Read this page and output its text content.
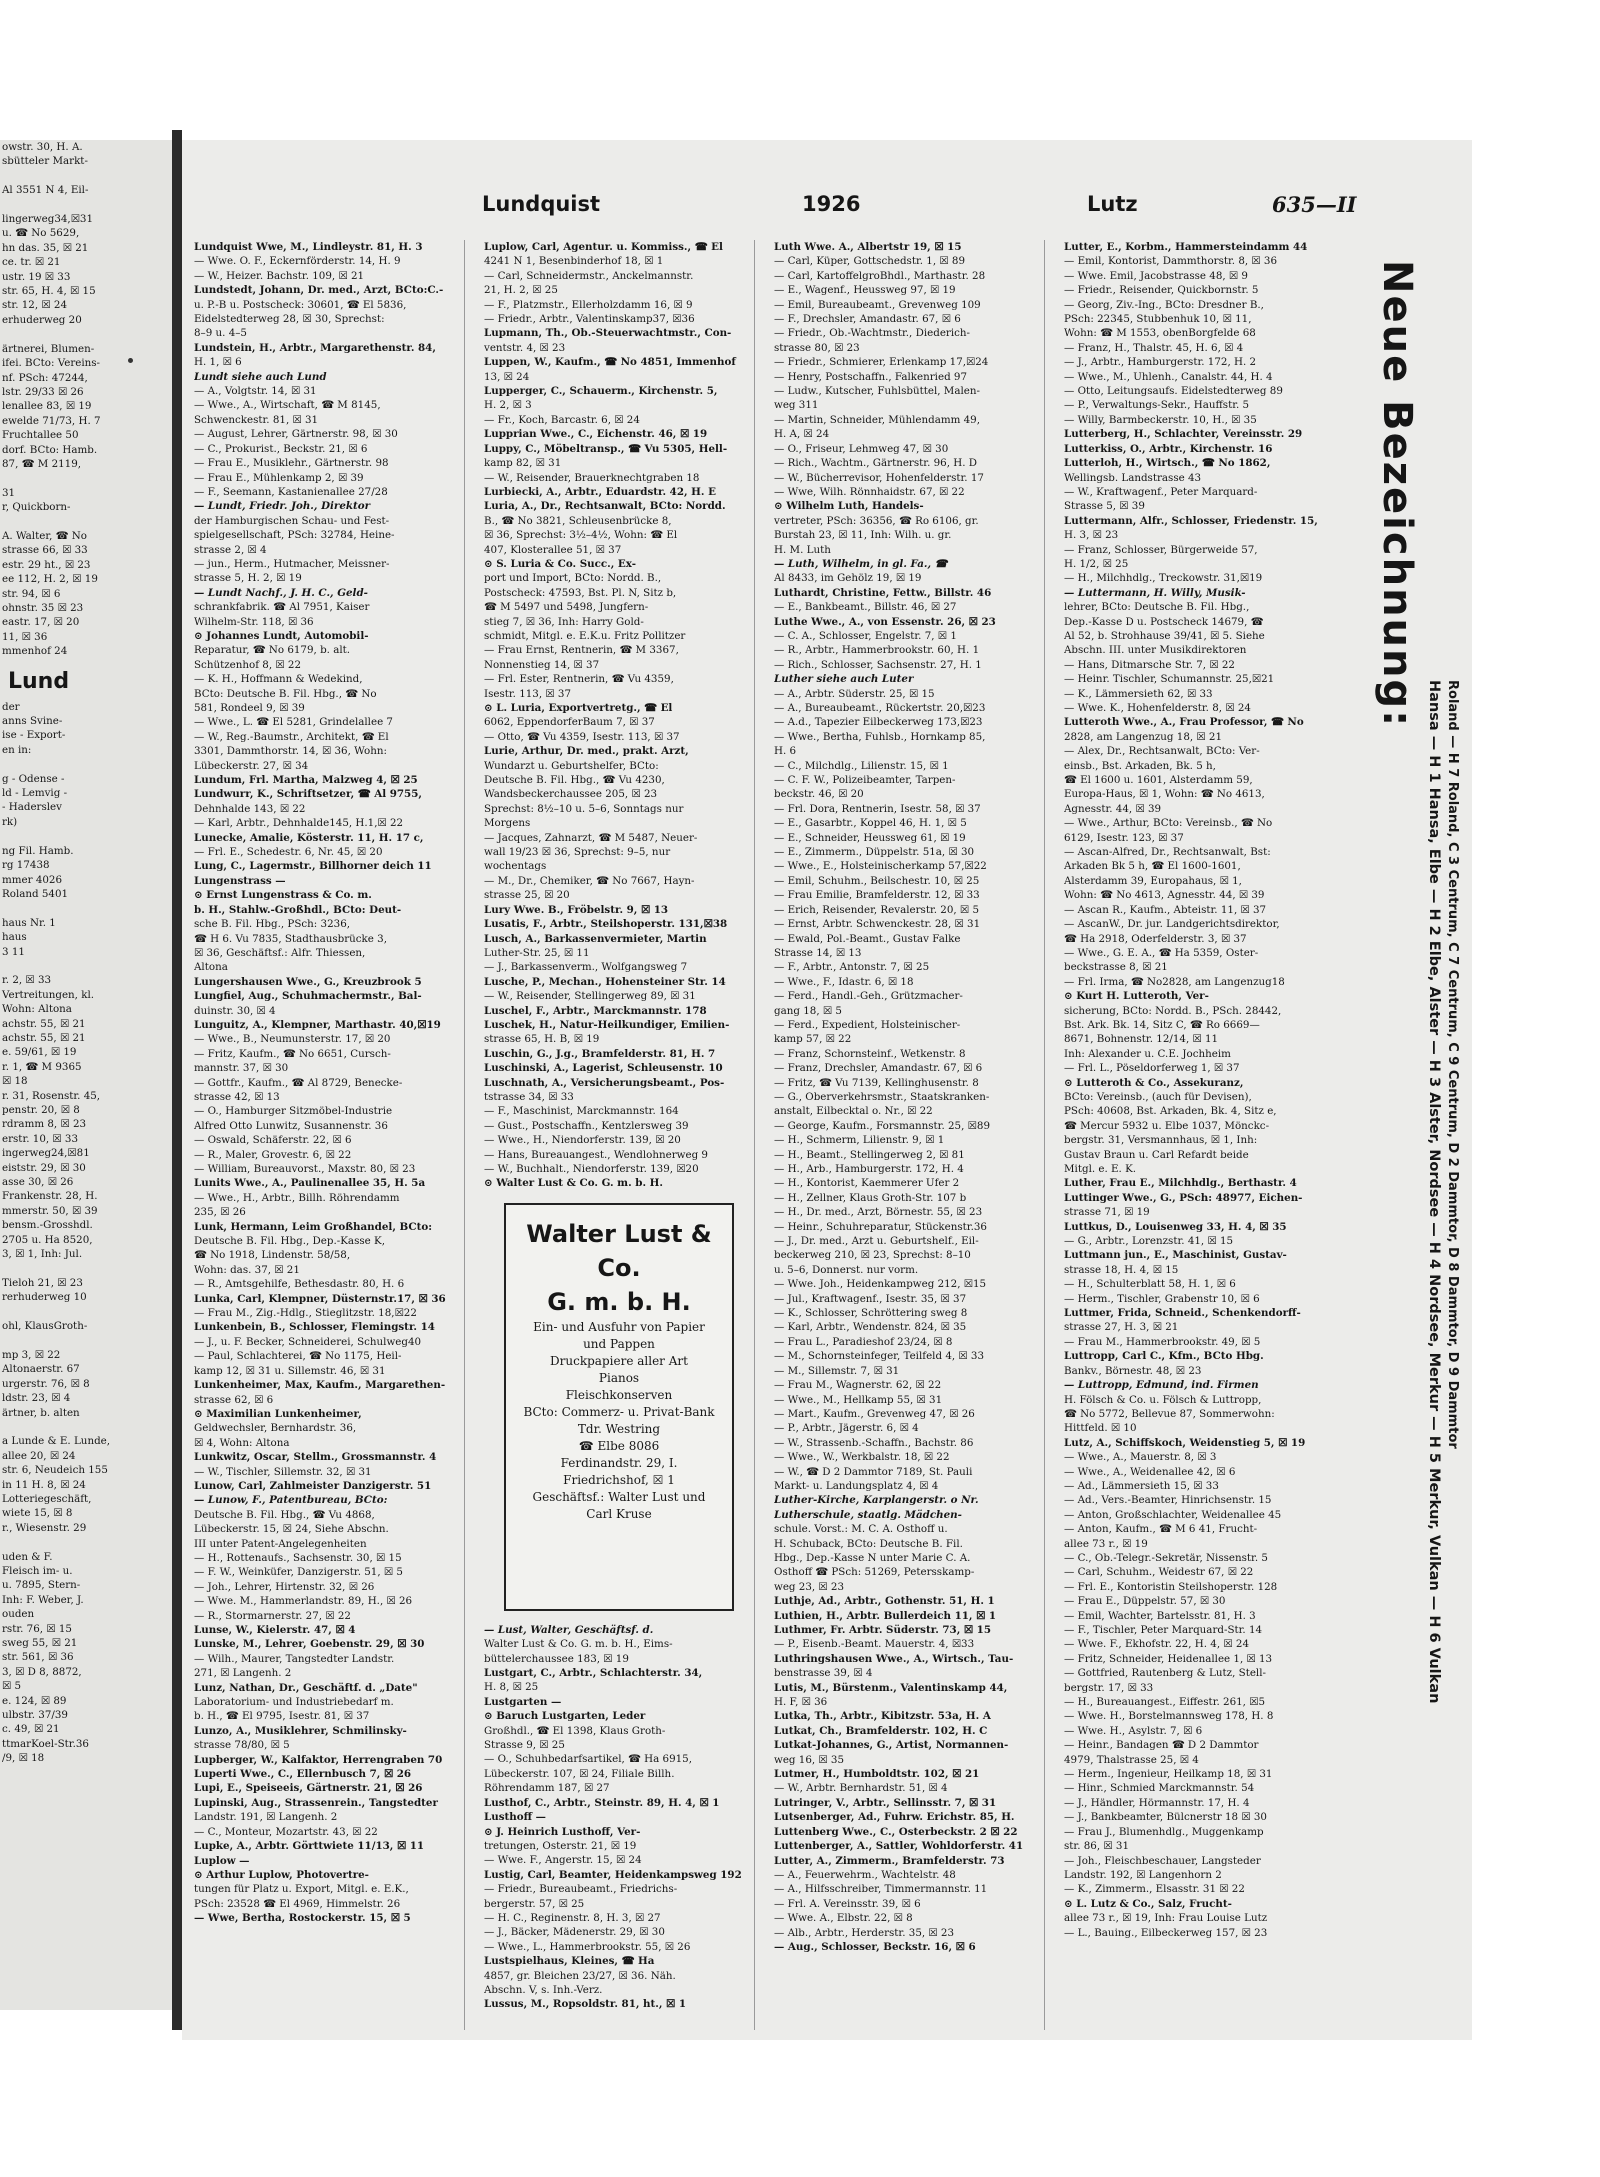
owstr. 30, H. A.
sbütteler Markt-

Al 3551 N 4, Eil-

lingerweg34,☒31
u. ☎ No 5629,
hn das. 35, ☒ 21
ce. tr. ☒ 21
ustr. 19 ☒ 33
str. 65, H. 4, ☒ 15
str. 12, ☒ 24
erhuderweg 20

ärtnerei, Blumen-
ifei. BCto: Vereins-
nf. PSch: 47244,
lstr. 29/33 ☒ 26
lenallee 83, ☒ 19
ewelde 71/73, H. 7
Fruchtallee 50
dorf. BCto: Hamb.
87, ☎ M 2119,

31
r, Quickborn-

A. Walter, ☎ No
strasse 66, ☒ 33
estr. 29 ht., ☒ 23
ee 112, H. 2, ☒ 19
str. 94, ☒ 6
ohnstr. 35 ☒ 23
eastr. 17, ☒ 20
11, ☒ 36
mmenhof 24
Lund
der
anns Svine-
ise - Export-
en in:

g - Odense -
ld - Lemvig -
- Haderslev
rk)

ng Fil. Hamb.
rg 17438
mmer 4026
Roland 5401

haus Nr. 1
haus
3 11

r. 2, ☒ 33
Vertreitungen, kl.
Wohn: Altona
achstr. 55, ☒ 21
achstr. 55, ☒ 21
e. 59/61, ☒ 19
r. 1, ☎ M 9365
☒ 18
r. 31, Rosenstr. 45,
penstr. 20, ☒ 8
rdramm 8, ☒ 23
erstr. 10, ☒ 33
ingerweg24,☒81
eiststr. 29, ☒ 30
asse 30, ☒ 26
Frankenstr. 28, H.
mmerstr. 50, ☒ 39
bensm.-Grosshdl.
2705 u. Ha 8520,
3, ☒ 1, Inh: Jul.

Tieloh 21, ☒ 23
rerhuderweg 10

ohl, KlausGroth-

mp 3, ☒ 22
Altonaerstr. 67
urgerstr. 76, ☒ 8
ldstr. 23, ☒ 4
ärtner, b. alten

a Lunde & E. Lunde,
allee 20, ☒ 24
str. 6, Neudeich 155
in 11 H. 8, ☒ 24
Lotteriegeschäft,
wiete 15, ☒ 8
r., Wiesenstr. 29

uden & F.
Fleisch im- u.
u. 7895, Stern-
Inh: F. Weber, J.
ouden
rstr. 76, ☒ 15
sweg 55, ☒ 21
str. 561, ☒ 36
3, ☒ D 8, 8872,
☒ 5
e. 124, ☒ 89
ulbstr. 37/39
c. 49, ☒ 21
ttmarKoel-Str.36
/9, ☒ 18
Lundquist	1926	Lutz	635—II
Lundquist Wwe, M., Lindleystr. 81, H. 3
— Wwe. O. F., Eckernförderstr. 14, H. 9
— W., Heizer. Bachstr. 109, ☒ 21
Lundstedt, Johann, Dr. med., Arzt, BCto:C.-
u. P.-B u. Postscheck: 30601, ☎ El 5836,
Eidelstedterweg 28, ☒ 30, Sprechst:
8–9 u. 4–5
Lundstein, H., Arbtr., Margarethenstr. 84,
H. 1, ☒ 6
Lundt siehe auch Lund
— A., Volgtstr. 14, ☒ 31
— Wwe., A., Wirtschaft, ☎ M 8145,
Schwenckestr. 81, ☒ 31
— August, Lehrer, Gärtnerstr. 98, ☒ 30
— C., Prokurist., Beckstr. 21, ☒ 6
— Frau E., Musiklehr., Gärtnerstr. 98
— Frau E., Mühlenkamp 2, ☒ 39
— F., Seemann, Kastanienallee 27/28
— Lundt, Friedr. Joh., Direktor
der Hamburgischen Schau- und Fest-
spielgesellschaft, PSch: 32784, Heine-
strasse 2, ☒ 4
— jun., Herm., Hutmacher, Meissner-
strasse 5, H. 2, ☒ 19
— Lundt Nachf., J. H. C., Geld-
schrankfabrik. ☎ Al 7951, Kaiser
Wilhelm-Str. 118, ☒ 36
⊙ Johannes Lundt, Automobil-
Reparatur, ☎ No 6179, b. alt.
Schützenhof 8, ☒ 22
— K. H., Hoffmann & Wedekind,
BCto: Deutsche B. Fil. Hbg., ☎ No
581, Rondeel 9, ☒ 39
— Wwe., L. ☎ El 5281, Grindelallee 7
— W., Reg.-Baumstr., Architekt, ☎ El
3301, Dammthorstr. 14, ☒ 36, Wohn:
Lübeckerstr. 27, ☒ 34
Lundum, Frl. Martha, Malzweg 4, ☒ 25
Lundwurr, K., Schriftsetzer, ☎ Al 9755,
Dehnhalde 143, ☒ 22
— Karl, Arbtr., Dehnhalde145, H.1,☒ 22
Lunecke, Amalie, Kösterstr. 11, H. 17 c,
— Frl. E., Schedestr. 6, Nr. 45, ☒ 20
Lung, C., Lagermstr., Billhorner deich 11
Lungenstrass —
⊙ Ernst Lungenstrass & Co. m.
b. H., Stahlw.-Großhdl., BCto: Deut-
sche B. Fil. Hbg., PSch: 3236,
☎ H 6. Vu 7835, Stadthausbrücke 3,
☒ 36, Geschäftsf.: Alfr. Thiessen,
Altona
Lungershausen Wwe., G., Kreuzbrook 5
Lungfiel, Aug., Schuhmachermstr., Bal-
duinstr. 30, ☒ 4
Lunguitz, A., Klempner, Marthastr. 40,☒19
— Wwe., B., Neumunsterstr. 17, ☒ 20
— Fritz, Kaufm., ☎ No 6651, Cursch-
mannstr. 37, ☒ 30
— Gottfr., Kaufm., ☎ Al 8729, Benecke-
strasse 42, ☒ 13
— O., Hamburger Sitzmöbel-Industrie
Alfred Otto Lunwitz, Susannenstr. 36
— Oswald, Schäferstr. 22, ☒ 6
— R., Maler, Grovestr. 6, ☒ 22
— William, Bureauvorst., Maxstr. 80, ☒ 23
Lunits Wwe., A., Paulinenallee 35, H. 5a
— Wwe., H., Arbtr., Billh. Röhrendamm
235, ☒ 26
Lunk, Hermann, Leim Großhandel, BCto:
Deutsche B. Fil. Hbg., Dep.-Kasse K,
☎ No 1918, Lindenstr. 58/58,
Wohn: das. 37, ☒ 21
— R., Amtsgehilfe, Bethesdastr. 80, H. 6
Lunka, Carl, Klempner, Düsternstr.17, ☒ 36
— Frau M., Zig.-Hdlg., Stieglitzstr. 18,☒22
Lunkenbein, B., Schlosser, Flemingstr. 14
— J., u. F. Becker, Schneiderei, Schulweg40
— Paul, Schlachterei, ☎ No 1175, Heil-
kamp 12, ☒ 31 u. Sillemstr. 46, ☒ 31
Lunkenheimer, Max, Kaufm., Margarethen-
strasse 62, ☒ 6
⊙ Maximilian Lunkenheimer,
Geldwechsler, Bernhardstr. 36,
☒ 4, Wohn: Altona
Lunkwitz, Oscar, Stellm., Grossmannstr. 4
— W., Tischler, Sillemstr. 32, ☒ 31
Lunow, Carl, Zahlmeister Danzigerstr. 51
— Lunow, F., Patentbureau, BCto:
Deutsche B. Fil. Hbg., ☎ Vu 4868,
Lübeckerstr. 15, ☒ 24, Siehe Abschn.
III unter Patent-Angelegenheiten
— H., Rottenaufs., Sachsenstr. 30, ☒ 15
— F. W., Weinküfer, Danzigerstr. 51, ☒ 5
— Joh., Lehrer, Hirtenstr. 32, ☒ 26
— Wwe. M., Hammerlandstr. 89, H., ☒ 26
— R., Stormarnerstr. 27, ☒ 22
Lunse, W., Kielerstr. 47, ☒ 4
Lunske, M., Lehrer, Goebenstr. 29, ☒ 30
— Wilh., Maurer, Tangstedter Landstr.
271, ☒ Langenh. 2
Lunz, Nathan, Dr., Geschäftf. d. „Date"
Laboratorium- und Industriebedarf m.
b. H., ☎ El 9795, Isestr. 81, ☒ 37
Lunzo, A., Musiklehrer, Schmilinsky-
strasse 78/80, ☒ 5
Lupberger, W., Kalfaktor, Herrengraben 70
Luperti Wwe., C., Ellernbusch 7, ☒ 26
Lupi, E., Speiseeis, Gärtnerstr. 21, ☒ 26
Lupinski, Aug., Strassenrein., Tangstedter
Landstr. 191, ☒ Langenh. 2
— C., Monteur, Mozartstr. 43, ☒ 22
Lupke, A., Arbtr. Görttwiete 11/13, ☒ 11
Luplow —
⊙ Arthur Luplow, Photovertre-
tungen für Platz u. Export, Mitgl. e. E.K.,
PSch: 23528 ☎ El 4969, Himmelstr. 26
— Wwe, Bertha, Rostockerstr. 15, ☒ 5
Luplow, Carl, Agentur. u. Kommiss., ☎ El
4241 N 1, Besenbinderhof 18, ☒ 1
— Carl, Schneidermstr., Anckelmannstr.
21, H. 2, ☒ 25
— F., Platzmstr., Ellerholzdamm 16, ☒ 9
— Friedr., Arbtr., Valentinskamp37, ☒36
Lupmann, Th., Ob.-Steuerwachtmstr., Con-
ventstr. 4, ☒ 23
Luppen, W., Kaufm., ☎ No 4851, Immenhof
13, ☒ 24
Lupperger, C., Schauerm., Kirchenstr. 5,
H. 2, ☒ 3
— Fr., Koch, Barcastr. 6, ☒ 24
Lupprian Wwe., C., Eichenstr. 46, ☒ 19
Luppy, C., Möbeltransp., ☎ Vu 5305, Hell-
kamp 82, ☒ 31
— W., Reisender, Brauerknechtgraben 18
Lurbiecki, A., Arbtr., Eduardstr. 42, H. E
Luria, A., Dr., Rechtsanwalt, BCto: Nordd.
B., ☎ No 3821, Schleusenbrücke 8,
☒ 36, Sprechst: 3½–4½, Wohn: ☎ El
407, Klosterallee 51, ☒ 37
⊙ S. Luria & Co. Succ., Ex-
port und Import, BCto: Nordd. B.,
Postscheck: 47593, Bst. Pl. N, Sitz b,
☎ M 5497 und 5498, Jungfern-
stieg 7, ☒ 36, Inh: Harry Gold-
schmidt, Mitgl. e. E.K.u. Fritz Pollitzer
— Frau Ernst, Rentnerin, ☎ M 3367,
Nonnenstieg 14, ☒ 37
— Frl. Ester, Rentnerin, ☎ Vu 4359,
Isestr. 113, ☒ 37
⊙ L. Luria, Exportvertretg., ☎ El
6062, EppendorferBaum 7, ☒ 37
— Otto, ☎ Vu 4359, Isestr. 113, ☒ 37
Lurie, Arthur, Dr. med., prakt. Arzt,
Wundarzt u. Geburtshelfer, BCto:
Deutsche B. Fil. Hbg., ☎ Vu 4230,
Wandsbeckerchaussee 205, ☒ 23
Sprechst: 8½–10 u. 5–6, Sonntags nur
Morgens
— Jacques, Zahnarzt, ☎ M 5487, Neuer-
wall 19/23 ☒ 36, Sprechst: 9–5, nur
wochentags
— M., Dr., Chemiker, ☎ No 7667, Hayn-
strasse 25, ☒ 20
Lury Wwe. B., Fröbelstr. 9, ☒ 13
Lusatis, F., Arbtr., Steilshoperstr. 131,☒38
Lusch, A., Barkassenvermieter, Martin
Luther-Str. 25, ☒ 11
— J., Barkassenverm., Wolfgangsweg 7
Lusche, P., Mechan., Hohensteiner Str. 14
— W., Reisender, Stellingerweg 89, ☒ 31
Luschel, F., Arbtr., Marckmannstr. 178
Luschek, H., Natur-Heilkundiger, Emilien-
strasse 65, H. B, ☒ 19
Luschin, G., J.g., Bramfelderstr. 81, H. 7
Luschinski, A., Lagerist, Schleusenstr. 10
Luschnath, A., Versicherungsbeamt., Pos-
tstrasse 34, ☒ 33
— F., Maschinist, Marckmannstr. 164
— Gust., Postschaffn., Kentzlersweg 39
— Wwe., H., Niendorferstr. 139, ☒ 20
— Hans, Bureauangest., Wendlohnerweg 9
— W., Buchhalt., Niendorferstr. 139, ☒20
⊙ Walter Lust & Co. G. m. b. H.
Walter Lust & Co.
G. m. b. H.
Ein- und Ausfuhr von Papier
und Pappen
Druckpapiere aller Art
Pianos
Fleischkonserven
BCto: Commerz- u. Privat-Bank
Tdr. Westring
☎ Elbe 8086
Ferdinandstr. 29, I.
Friedrichshof, ☒ 1
Geschäftsf.: Walter Lust und
Carl Kruse
— Lust, Walter, Geschäftsf. d.
Walter Lust & Co. G. m. b. H., Eims-
büttelerchaussee 183, ☒ 19
Lustgart, C., Arbtr., Schlachterstr. 34,
H. 8, ☒ 25
Lustgarten —
⊙ Baruch Lustgarten, Leder
Großhdl., ☎ El 1398, Klaus Groth-
Strasse 9, ☒ 25
— O., Schuhbedarfsartikel, ☎ Ha 6915,
Lübeckerstr. 107, ☒ 24, Filiale Billh.
Röhrendamm 187, ☒ 27
Lusthof, C., Arbtr., Steinstr. 89, H. 4, ☒ 1
Lusthoff —
⊙ J. Heinrich Lusthoff, Ver-
tretungen, Osterstr. 21, ☒ 19
— Wwe. F., Angerstr. 15, ☒ 24
Lustig, Carl, Beamter, Heidenkampsweg 192
— Friedr., Bureaubeamt., Friedrichs-
bergerstr. 57, ☒ 25
— H. C., Reginenstr. 8, H. 3, ☒ 27
— J., Bäcker, Mädenerstr. 29, ☒ 30
— Wwe., L., Hammerbrookstr. 55, ☒ 26
Lustspielhaus, Kleines, ☎ Ha
4857, gr. Bleichen 23/27, ☒ 36. Näh.
Abschn. V, s. Inh.-Verz.
Lussus, M., Ropsoldstr. 81, ht., ☒ 1
Luth Wwe. A., Albertstr 19, ☒ 15
— Carl, Küper, Gottschedstr. 1, ☒ 89
— Carl, KartoffelgroBhdl., Marthastr. 28
— E., Wagenf., Heussweg 97, ☒ 19
— Emil, Bureaubeamt., Grevenweg 109
— F., Drechsler, Amandastr. 67, ☒ 6
— Friedr., Ob.-Wachtmstr., Diederich-
strasse 80, ☒ 23
— Friedr., Schmierer, Erlenkamp 17,☒24
— Henry, Postschaffn., Falkenried 97
— Ludw., Kutscher, Fuhlsbüttel, Malen-
weg 311
— Martin, Schneider, Mühlendamm 49,
H. A, ☒ 24
— O., Friseur, Lehmweg 47, ☒ 30
— Rich., Wachtm., Gärtnerstr. 96, H. D
— W., Bücherrevisor, Hohenfelderstr. 17
— Wwe, Wilh. Rönnhaidstr. 67, ☒ 22
⊙ Wilhelm Luth, Handels-
vertreter, PSch: 36356, ☎ Ro 6106, gr.
Burstah 23, ☒ 11, Inh: Wilh. u. gr.
H. M. Luth
— Luth, Wilhelm, in gl. Fa., ☎
Al 8433, im Gehölz 19, ☒ 19
Luthardt, Christine, Fettw., Billstr. 46
— E., Bankbeamt., Billstr. 46, ☒ 27
Luthe Wwe., A., von Essenstr. 26, ☒ 23
— C. A., Schlosser, Engelstr. 7, ☒ 1
— R., Arbtr., Hammerbrookstr. 60, H. 1
— Rich., Schlosser, Sachsenstr. 27, H. 1
Luther siehe auch Luter
— A., Arbtr. Süderstr. 25, ☒ 15
— A., Bureaubeamt., Rückertstr. 20,☒23
— A.d., Tapezier Eilbeckerweg 173,☒23
— Wwe., Bertha, Fuhlsb., Hornkamp 85,
H. 6
— C., Milchdlg., Lilienstr. 15, ☒ 1
— C. F. W., Polizeibeamter, Tarpen-
beckstr. 46, ☒ 20
— Frl. Dora, Rentnerin, Isestr. 58, ☒ 37
— E., Gasarbtr., Koppel 46, H. 1, ☒ 5
— E., Schneider, Heussweg 61, ☒ 19
— E., Zimmerm., Düppelstr. 51a, ☒ 30
— Wwe., E., Holsteinischerkamp 57,☒22
— Emil, Schuhm., Beilschestr. 10, ☒ 25
— Frau Emilie, Bramfelderstr. 12, ☒ 33
— Erich, Reisender, Revalerstr. 20, ☒ 5
— Ernst, Arbtr. Schwenckestr. 28, ☒ 31
— Ewald, Pol.-Beamt., Gustav Falke
Strasse 14, ☒ 13
— F., Arbtr., Antonstr. 7, ☒ 25
— Wwe., F., Idastr. 6, ☒ 18
— Ferd., Handl.-Geh., Grützmacher-
gang 18, ☒ 5
— Ferd., Expedient, Holsteinischer-
kamp 57, ☒ 22
— Franz, Schornsteinf., Wetkenstr. 8
— Franz, Drechsler, Amandastr. 67, ☒ 6
— Fritz, ☎ Vu 7139, Kellinghusenstr. 8
— G., Oberverkehrsmstr., Staatskranken-
anstalt, Eilbecktal o. Nr., ☒ 22
— George, Kaufm., Forsmannstr. 25, ☒89
— H., Schmerm, Lilienstr. 9, ☒ 1
— H., Beamt., Stellingerweg 2, ☒ 81
— H., Arb., Hamburgerstr. 172, H. 4
— H., Kontorist, Kaemmerer Ufer 2
— H., Zellner, Klaus Groth-Str. 107 b
— H., Dr. med., Arzt, Börnestr. 55, ☒ 23
— Heinr., Schuhreparatur, Stückenstr.36
— J., Dr. med., Arzt u. Geburtshelf., Eil-
beckerweg 210, ☒ 23, Sprechst: 8–10
u. 5–6, Donnerst. nur vorm.
— Wwe. Joh., Heidenkampweg 212, ☒15
— Jul., Kraftwagenf., Isestr. 35, ☒ 37
— K., Schlosser, Schröttering sweg 8
— Karl, Arbtr., Wendenstr. 824, ☒ 35
— Frau L., Paradieshof 23/24, ☒ 8
— M., Schornsteinfeger, Teilfeld 4, ☒ 33
— M., Sillemstr. 7, ☒ 31
— Frau M., Wagnerstr. 62, ☒ 22
— Wwe., M., Hellkamp 55, ☒ 31
— Mart., Kaufm., Grevenweg 47, ☒ 26
— P., Arbtr., Jägerstr. 6, ☒ 4
— W., Strassenb.-Schaffn., Bachstr. 86
— Wwe., W., Werkbalstr. 18, ☒ 22
— W., ☎ D 2 Dammtor 7189, St. Pauli
Markt- u. Landungsplatz 4, ☒ 4
Luther-Kirche, Karplangerstr. o Nr.
Lutherschule, staatlg. Mädchen-
schule. Vorst.: M. C. A. Osthoff u.
H. Schuback, BCto: Deutsche B. Fil.
Hbg., Dep.-Kasse N unter Marie C. A.
Osthoff ☎ PSch: 51269, Petersskamp-
weg 23, ☒ 23
Luthje, Ad., Arbtr., Gothenstr. 51, H. 1
Luthien, H., Arbtr. Bullerdeich 11, ☒ 1
Luthmer, Fr. Arbtr. Süderstr. 73, ☒ 15
— P., Eisenb.-Beamt. Mauerstr. 4, ☒33
Luthringshausen Wwe., A., Wirtsch., Tau-
benstrasse 39, ☒ 4
Lutis, M., Bürstenm., Valentinskamp 44,
H. F, ☒ 36
Lutka, Th., Arbtr., Kibitzstr. 53a, H. A
Lutkat, Ch., Bramfelderstr. 102, H. C
Lutkat-Johannes, G., Artist, Normannen-
weg 16, ☒ 35
Lutmer, H., Humboldtstr. 102, ☒ 21
— W., Arbtr. Bernhardstr. 51, ☒ 4
Lutringer, V., Arbtr., Sellinsstr. 7, ☒ 31
Lutsenberger, Ad., Fuhrw. Erichstr. 85, H.
Luttenberg Wwe., C., Osterbeckstr. 2 ☒ 22
Luttenberger, A., Sattler, Wohldorferstr. 41
Lutter, A., Zimmerm., Bramfelderstr. 73
— A., Feuerwehrm., Wachtelstr. 48
— A., Hilfsschreiber, Timmermannstr. 11
— Frl. A. Vereinsstr. 39, ☒ 6
— Wwe. A., Elbstr. 22, ☒ 8
— Alb., Arbtr., Herderstr. 35, ☒ 23
— Aug., Schlosser, Beckstr. 16, ☒ 6
Lutter, E., Korbm., Hammersteindamm 44
— Emil, Kontorist, Dammthorstr. 8, ☒ 36
— Wwe. Emil, Jacobstrasse 48, ☒ 9
— Friedr., Reisender, Quickbornstr. 5
— Georg, Ziv.-Ing., BCto: Dresdner B.,
PSch: 22345, Stubbenhuk 10, ☒ 11,
Wohn: ☎ M 1553, obenBorgfelde 68
— Franz, H., Thalstr. 45, H. 6, ☒ 4
— J., Arbtr., Hamburgerstr. 172, H. 2
— Wwe., M., Uhlenh., Canalstr. 44, H. 4
— Otto, Leitungsaufs. Eidelstedterweg 89
— P., Verwaltungs-Sekr., Hauffstr. 5
— Willy, Barmbeckerstr. 10, H., ☒ 35
Lutterberg, H., Schlachter, Vereinsstr. 29
Lutterkiss, O., Arbtr., Kirchenstr. 16
Lutterloh, H., Wirtsch., ☎ No 1862,
Wellingsb. Landstrasse 43
— W., Kraftwagenf., Peter Marquard-
Strasse 5, ☒ 39
Luttermann, Alfr., Schlosser, Friedenstr. 15,
H. 3, ☒ 23
— Franz, Schlosser, Bürgerweide 57,
H. 1/2, ☒ 25
— H., Milchhdlg., Treckowstr. 31,☒19
— Luttermann, H. Willy, Musik-
lehrer, BCto: Deutsche B. Fil. Hbg.,
Dep.-Kasse D u. Postscheck 14679, ☎
Al 52, b. Strohhause 39/41, ☒ 5. Siehe
Abschn. III. unter Musikdirektoren
— Hans, Ditmarsche Str. 7, ☒ 22
— Heinr. Tischler, Schumannstr. 25,☒21
— K., Lämmersieth 62, ☒ 33
— Wwe. K., Hohenfelderstr. 8, ☒ 24
Lutteroth Wwe., A., Frau Professor, ☎ No
2828, am Langenzug 18, ☒ 21
— Alex, Dr., Rechtsanwalt, BCto: Ver-
einsb., Bst. Arkaden, Bk. 5 h,
☎ El 1600 u. 1601, Alsterdamm 59,
Europa-Haus, ☒ 1, Wohn: ☎ No 4613,
Agnesstr. 44, ☒ 39
— Wwe., Arthur, BCto: Vereinsb., ☎ No
6129, Isestr. 123, ☒ 37
— Ascan-Alfred, Dr., Rechtsanwalt, Bst:
Arkaden Bk 5 h, ☎ El 1600-1601,
Alsterdamm 39, Europahaus, ☒ 1,
Wohn: ☎ No 4613, Agnesstr. 44, ☒ 39
— Ascan R., Kaufm., Abteistr. 11, ☒ 37
— AscanW., Dr. jur. Landgerichtsdirektor,
☎ Ha 2918, Oderfelderstr. 3, ☒ 37
— Wwe., G. E. A., ☎ Ha 5359, Oster-
beckstrasse 8, ☒ 21
— Frl. Irma, ☎ No2828, am Langenzug18
⊙ Kurt H. Lutteroth, Ver-
sicherung, BCto: Nordd. B., PSch. 28442,
Bst. Ark. Bk. 14, Sitz C, ☎ Ro 6669—
8671, Bohnenstr. 12/14, ☒ 11
Inh: Alexander u. C.E. Jochheim
— Frl. L., Pöseldorferweg 1, ☒ 37
⊙ Lutteroth & Co., Assekuranz,
BCto: Vereinsb., (auch für Devisen),
PSch: 40608, Bst. Arkaden, Bk. 4, Sitz e,
☎ Mercur 5932 u. Elbe 1037, Mönckc-
bergstr. 31, Versmannhaus, ☒ 1, Inh:
Gustav Braun u. Carl Refardt beide
Mitgl. e. E. K.
Luther, Frau E., Milchhdlg., Berthastr. 4
Luttinger Wwe., G., PSch: 48977, Eichen-
strasse 71, ☒ 19
Luttkus, D., Louisenweg 33, H. 4, ☒ 35
— G., Arbtr., Lorenzstr. 41, ☒ 15
Luttmann jun., E., Maschinist, Gustav-
strasse 18, H. 4, ☒ 15
— H., Schulterblatt 58, H. 1, ☒ 6
— Herm., Tischler, Grabenstr 10, ☒ 6
Luttmer, Frida, Schneid., Schenkendorff-
strasse 27, H. 3, ☒ 21
— Frau M., Hammerbrookstr. 49, ☒ 5
Luttropp, Carl C., Kfm., BCto Hbg.
Bankv., Börnestr. 48, ☒ 23
— Luttropp, Edmund, ind. Firmen
H. Fölsch & Co. u. Fölsch & Luttropp,
☎ No 5772, Bellevue 87, Sommerwohn:
Hittfeld. ☒ 10
Lutz, A., Schiffskoch, Weidenstieg 5, ☒ 19
— Wwe., A., Mauerstr. 8, ☒ 3
— Wwe., A., Weidenallee 42, ☒ 6
— Ad., Lämmersieth 15, ☒ 33
— Ad., Vers.-Beamter, Hinrichsenstr. 15
— Anton, Großschlachter, Weidenallee 45
— Anton, Kaufm., ☎ M 6 41, Frucht-
allee 73 r., ☒ 19
— C., Ob.-Telegr.-Sekretär, Nissenstr. 5
— Carl, Schuhm., Weidestr 67, ☒ 22
— Frl. E., Kontoristin Steilshoperstr. 128
— Frau E., Düppelstr. 57, ☒ 30
— Emil, Wachter, Bartelsstr. 81, H. 3
— F., Tischler, Peter Marquard-Str. 14
— Wwe. F., Ekhofstr. 22, H. 4, ☒ 24
— Fritz, Schneider, Heidenallee 1, ☒ 13
— Gottfried, Rautenberg & Lutz, Stell-
bergstr. 17, ☒ 33
— H., Bureauangest., Eiffestr. 261, ☒5
— Wwe. H., Borstelmannsweg 178, H. 8
— Wwe. H., Asylstr. 7, ☒ 6
— Heinr., Bandagen ☎ D 2 Dammtor
4979, Thalstrasse 25, ☒ 4
— Herm., Ingenieur, Heilkamp 18, ☒ 31
— Hinr., Schmied Marckmannstr. 54
— J., Händler, Hörmannstr. 17, H. 4
— J., Bankbeamter, Bülcnerstr 18 ☒ 30
— Frau J., Blumenhdlg., Muggenkamp
str. 86, ☒ 31
— Joh., Fleischbeschauer, Langsteder
Landstr. 192, ☒ Langenhorn 2
— K., Zimmerm., Elsasstr. 31 ☒ 22
⊙ L. Lutz & Co., Salz, Frucht-
allee 73 r., ☒ 19, Inh: Frau Louise Lutz
— L., Bauing., Eilbeckerweg 157, ☒ 23
Neue Bezeichnung:
Hansa — H 1 Hansa, Elbe — H 2 Elbe, Alster — H 3 Alster, Nordsee — H 4 Nordsee, Merkur — H 5 Merkur, Vulkan — H 6 Vulkan Roland — H 7 Roland, C 3 Centrum, C 7 Centrum, C 9 Centrum, D 2 Dammtor, D 8 Dammtor, D 9 Dammtor
